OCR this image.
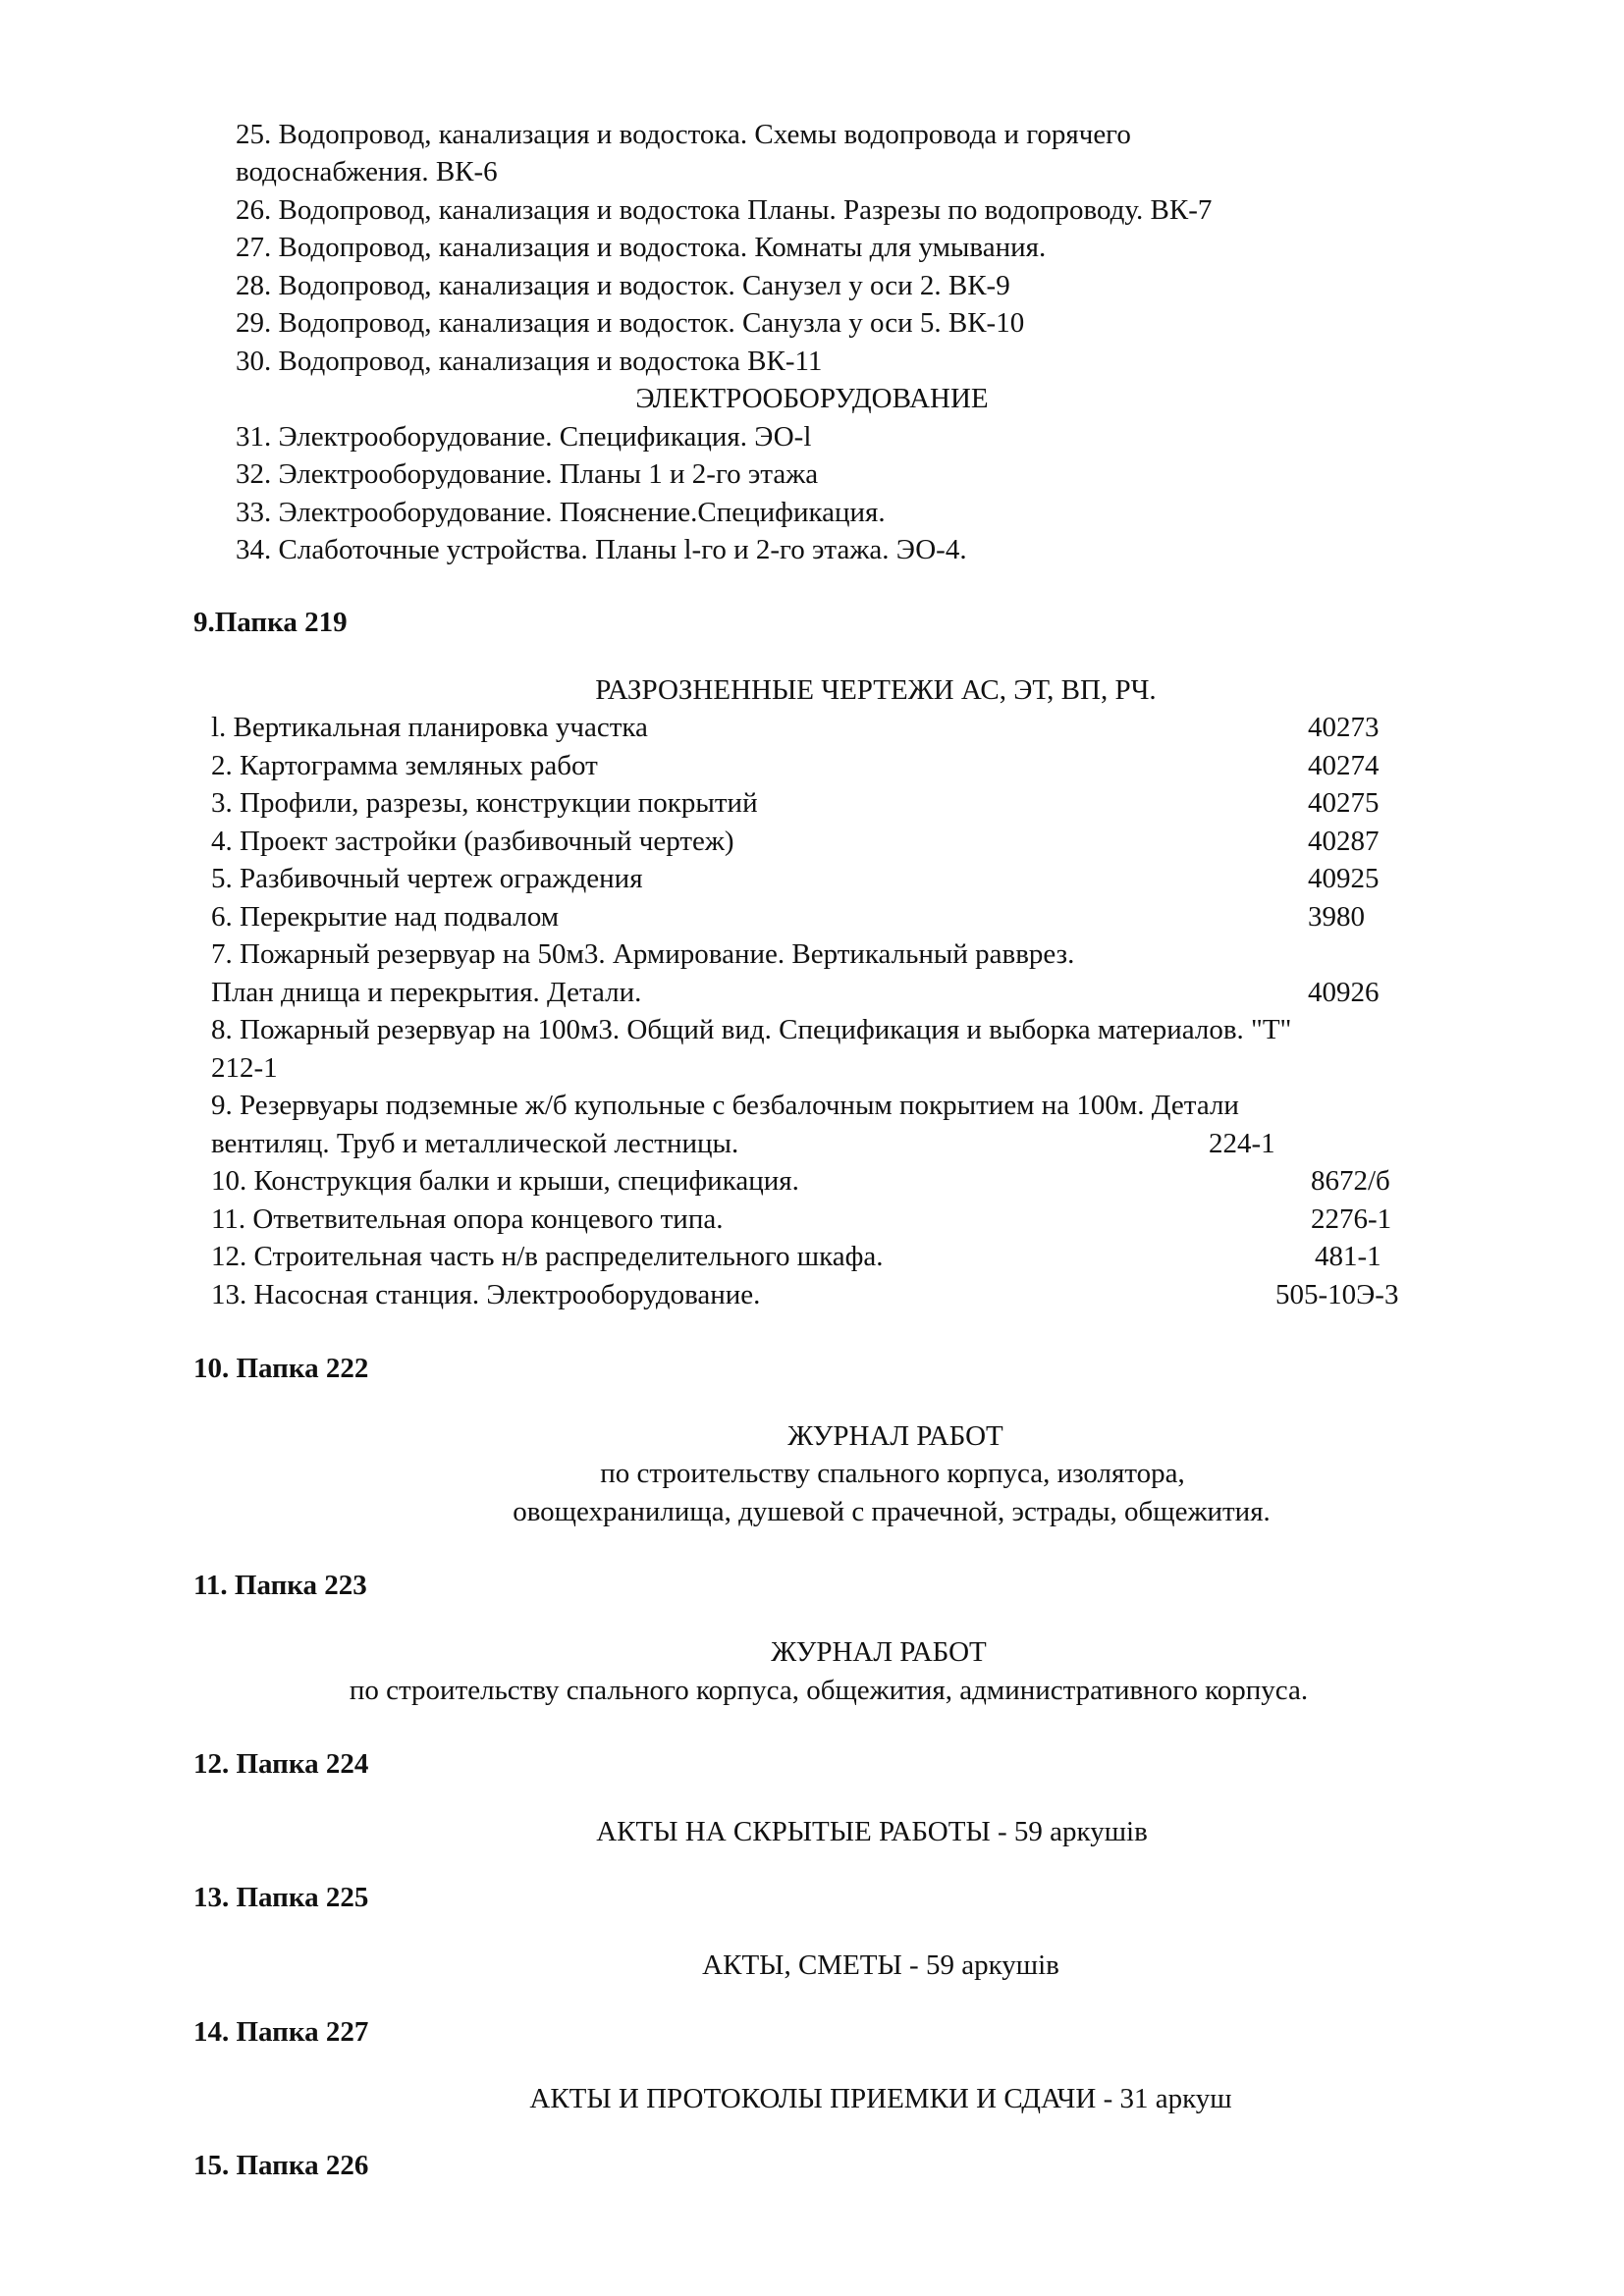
25. Водопровод, канализация и водостока. Схемы водопровода и горячего
водоснабжения. ВК-6
26. Водопровод, канализация и водостока Планы. Разрезы по водопроводу. ВК-7
27. Водопровод, канализация и водостока. Комнаты для умывания.
28. Водопровод, канализация и водосток. Санузел у оси 2. ВК-9
29. Водопровод, канализация и водосток. Санузла у оси 5. ВК-10
30. Водопровод, канализация и водостока ВК-11
ЭЛЕКТРООБОРУДОВАНИЕ
31. Электрооборудование. Спецификация. ЭО-l
32. Электрооборудование. Планы 1 и 2-го этажа
33. Электрооборудование. Пояснение.Спецификация.
34. Слаботочные устройства. Планы l-го и 2-го этажа. ЭО-4.
9.Папка 219
РАЗРОЗНЕННЫЕ ЧЕРТЕЖИ АС, ЭТ, ВП, РЧ.
l. Вертикальная планировка участка	40273
2. Картограмма земляных работ	40274
3. Профили, разрезы, конструкции покрытий	40275
4. Проект застройки (разбивочный чертеж)	40287
5. Разбивочный чертеж ограждения	40925
6. Перекрытие над подвалом	3980
7. Пожарный резервуар на 50м3. Армирование. Вертикальный равврез.
План днища и перекрытия. Детали.	40926
8. Пожарный резервуар на 100м3. Общий вид. Спецификация и выборка материалов. "Т"
212-1
9. Резервуары подземные ж/б купольные с безбалочным покрытием на 100м. Детали
вентиляц. Труб и металлической лестницы.	224-1
10. Конструкция балки и крыши, спецификация.	8672/б
11. Ответвительная опора концевого типа.	2276-1
12. Строительная часть н/в распределительного шкафа.	481-1
13. Насосная станция. Электрооборудование.	505-10Э-3
10. Папка 222
ЖУРНАЛ РАБОТ
по строительству спального корпуса, изолятора,
овощехранилища, душевой с прачечной, эстрады, общежития.
11. Папка 223
ЖУРНАЛ РАБОТ
по строительству спального корпуса, общежития, административного корпуса.
12. Папка 224
АКТЫ НА СКРЫТЫЕ РАБОТЫ - 59 аркушів
13. Папка 225
АКТЫ, СМЕТЫ - 59 аркушів
14. Папка 227
АКТЫ И ПРОТОКОЛЫ ПРИЕМКИ И СДАЧИ - 31 аркуш
15. Папка 226
